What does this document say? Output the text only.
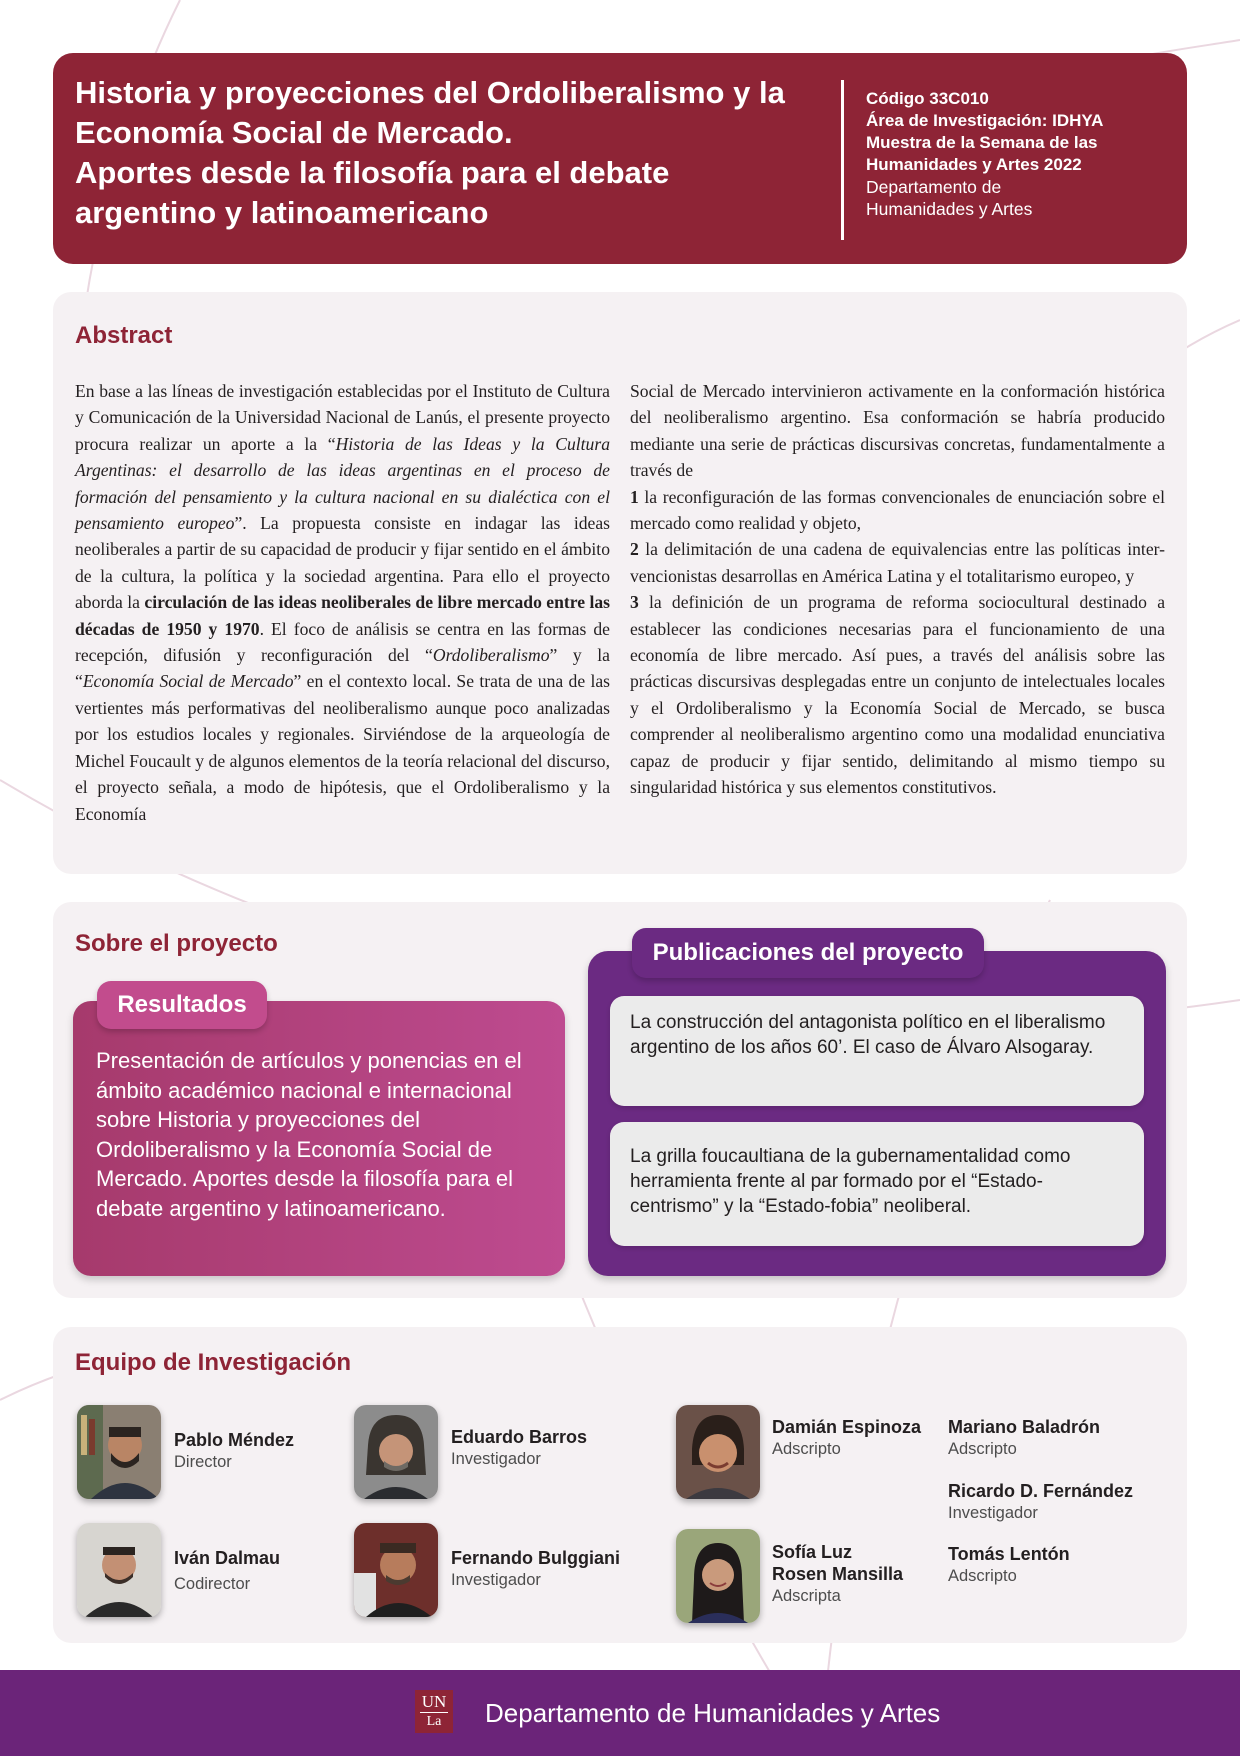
Historia y proyecciones del Ordoliberalismo y la
Economía Social de Mercado.
Aportes desde la filosofía para el debate
argentino y latinoamericano
Código 33C010
Área de Investigación: IDHYA
Muestra de la Semana de las
Humanidades y Artes 2022
Departamento de
Humanidades y Artes
Abstract

En base a las líneas de investigación establecidas por el Instituto de Cultura y Comunicación de la Universidad Nacional de Lanús, el presente proyecto procura realizar un aporte a la “Historia de las Ideas y la Cultura Argentinas: el desarrollo de las ideas argentinas en el proceso de formación del pensamiento y la cultura nacional en su dialéctica con el pensamiento europeo”. La propuesta consiste en indagar las ideas neoliberales a partir de su capacidad de producir y fijar sentido en el ámbito de la cultura, la política y la sociedad argentina. Para ello el proyecto aborda la circulación de las ideas neoliberales de libre mercado entre las décadas de 1950 y 1970. El foco de análisis se centra en las formas de recepción, difusión y reconfiguración del “Ordoliberalismo” y la “Economía Social de Mercado” en el contexto local. Se trata de una de las vertientes más performativas del neoliberalismo aunque poco analizadas por los estudios locales y regionales. Sirviéndose de la arqueología de Michel Foucault y de algunos elementos de la teoría relacional del discurso, el proyecto señala, a modo de hipótesis, que el Ordoliberalismo y la Economía

Social de Mercado intervinieron activamente en la conformación histórica del neoliberalismo argentino. Esa conformación se habría producido mediante una serie de prácticas discursivas concretas, fundamentalmente a través de

1 la reconfiguración de las formas convencionales de enunciación sobre el mercado como realidad y objeto,

2 la delimitación de una cadena de equivalencias entre las políticas inter-vencionistas desarrollas en América Latina y el totalitarismo europeo, y

3 la definición de un programa de reforma sociocultural destinado a establecer las condiciones necesarias para el funcionamiento de una economía de libre mercado. Así pues, a través del análisis sobre las prácticas discursivas desplegadas entre un conjunto de intelectuales locales y el Ordoliberalismo y la Economía Social de Mercado, se busca comprender al neoliberalismo argentino como una modalidad enunciativa capaz de producir y fijar sentido, delimitando al mismo tiempo su singularidad histórica y sus elementos constitutivos.

Sobre el proyecto
Resultados

Presentación de artículos y ponencias en el ámbito académico nacional e internacional sobre Historia y proyecciones del Ordoliberalismo y la Economía Social de Mercado. Aportes desde la filosofía para el debate argentino y latinoamericano.

Publicaciones del proyecto

La construcción del antagonista político en el liberalismo argentino de los años 60’. El caso de Álvaro Alsogaray.

La grilla foucaultiana de la gubernamentalidad como herramienta frente al par formado por el “Estado-centrismo” y la “Estado-fobia” neoliberal.

Equipo de Investigación
Pablo Méndez
Director
Iván Dalmau
Codirector
Eduardo Barros
Investigador
Fernando Bulggiani
Investigador
Damián Espinoza
Adscripto
Sofía Luz
Rosen Mansilla
Adscripta
Mariano Baladrón
Adscripto
Ricardo D. Fernández
Investigador
Tomás Lentón
Adscripto
UN
La Departamento de Humanidades y Artes
